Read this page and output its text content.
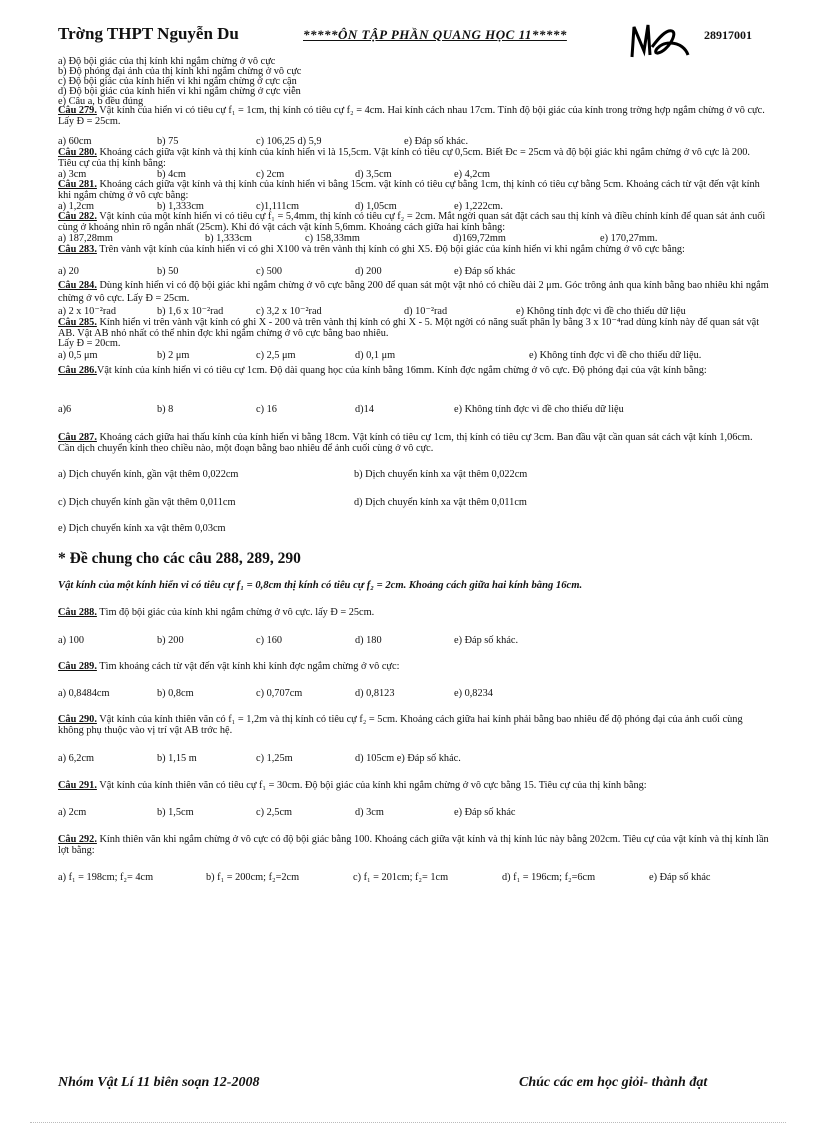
Trờng THPT Nguyễn Du	*****ÔN TẬP PHẦN QUANG HỌC 11*****	28917001
a) Độ bội giác của thị kính khi ngắm chừng ở vô cực
b) Độ phóng đại ảnh của thị kính khi ngắm chừng ở vô cực
c) Độ bội giác của kính hiển vi khi ngắm chừng ở cực cận
d) Độ bội giác của kính hiển vi khi ngắm chừng ở cực viễn
e) Câu a, b đều đúng
Câu 279. Vật kính của hiển vi có tiêu cự f₁ = 1cm, thị kính có tiêu cự f₂ = 4cm. Hai kính cách nhau 17cm. Tính độ bội giác của kính trong trờng hợp ngắm chừng ở vô cực. Lấy Đ = 25cm.
a) 60cm	b) 75	c) 106,25 d) 5,9	e) Đáp số khác.
Câu 280. Khoảng cách giữa vật kính và thị kính của kính hiển vi là 15,5cm. Vật kính có tiêu cự 0,5cm. Biết Đc = 25cm và độ bội giác khi ngắm chừng ở vô cực là 200. Tiêu cự của thị kính bằng:
a) 3cm	b) 4cm	c) 2cm	d) 3,5cm	e) 4,2cm
Câu 281. Khoảng cách giữa vật kính và thị kính của kính hiển vi bằng 15cm. vật kính có tiêu cự bằng 1cm, thị kính có tiêu cự bằng 5cm. Khoảng cách từ vật đến vật kính khi ngắm chừng ở vô cực bằng:
a) 1,2cm	b) 1,333cm	c)1,111cm	d) 1,05cm	e) 1,222cm.
Câu 282. Vật kính của một kính hiển vi có tiêu cự f₁ = 5,4mm, thị kính có tiêu cự f₂ = 2cm. Mắt ngời quan sát đặt cách sau thị kính và điều chỉnh kính để quan sát ảnh cuối cùng ở khoảng nhìn rõ ngắn nhất (25cm). Khi đó vật cách vật kính 5,6mm. Khoảng cách giữa hai kính bằng:
a) 187,28mm	b) 1,333cm	c) 158,33mm	d)169,72mm	e) 170,27mm.
Câu 283. Trên vành vật kính của kính hiển vi có ghi X100 và trên vành thị kính có ghi X5. Độ bội giác của kính hiển vi khi ngắm chừng ở vô cực bằng:
a) 20	b) 50	c) 500	d) 200	e) Đáp số khác
Câu 284. Dùng kính hiển vi có độ bội giác khi ngắm chừng ở vô cực bằng 200 để quan sát một vật nhỏ có chiều dài 2 μm. Góc trông ảnh qua kính bằng bao nhiêu khi ngắm chừng ở vô cực. Lấy Đ = 25cm.
a) 2 x 10⁻²rad	b) 1,6 x 10⁻²rad	c) 3,2 x 10⁻²rad	d) 10⁻²rad	e) Không tính đợc vì đề cho thiếu dữ liệu
Câu 285. Kính hiển vi trên vành vật kính có ghi X - 200 và trên vành thị kính có ghi X - 5. Một ngời có năng suất phân ly bằng 3 x 10⁻⁴rad dùng kính này để quan sát vật AB. Vật AB nhỏ nhất có thể nhìn đợc khi ngắm chừng ở vô cực bằng bao nhiêu.
Lấy Đ = 20cm.
a) 0,5 μm	b) 2 μm	c) 2,5 μm	d) 0,1 μm	e) Không tính đợc vì đề cho thiếu dữ liệu.
Câu 286.Vật kính của kính hiển vi có tiêu cự 1cm. Độ dài quang học của kính bằng 16mm. Kính đợc ngắm chừng ở vô cực. Độ phóng đại của vật kính bằng:
a)6	b) 8	c) 16	d)14	e) Không tính đợc vì đề cho thiếu dữ liệu
Câu 287. Khoảng cách giữa hai thấu kính của kính hiển vi bằng 18cm. Vật kính có tiêu cự 1cm, thị kính có tiêu cự 3cm. Ban đầu vật cần quan sát cách vật kính 1,06cm. Cần dịch chuyển kính theo chiều nào, một đoạn bằng bao nhiêu để ảnh cuối cùng ở vô cực.
a) Dịch chuyển kính, gần vật thêm 0,022cm	b) Dịch chuyển kính xa vật thêm 0,022cm
c) Dịch chuyển kính gần vật thêm 0,011cm	d) Dịch chuyển kính xa vật thêm 0,011cm
e) Dịch chuyển kính xa vật thêm 0,03cm
* Đề chung cho các câu 288, 289, 290
Vật kính của một kính hiển vi có tiêu cự f₁ = 0,8cm thị kính có tiêu cự f₂ = 2cm. Khoảng cách giữa hai kính bằng 16cm.
Câu 288. Tìm độ bội giác của kính khi ngắm chừng ở vô cực. lấy Đ = 25cm.
a) 100	b) 200	c) 160	d) 180	e) Đáp số khác.
Câu 289. Tìm khoảng cách từ vật đến vật kính khi kính đợc ngắm chừng ở vô cực:
a) 0,8484cm	b) 0,8cm	c) 0,707cm	d) 0,8123	e) 0,8234
Câu 290. Vật kính của kính thiên văn có f₁ = 1,2m và thị kính có tiêu cự f₂ = 5cm. Khoảng cách giữa hai kính phải bằng bao nhiêu để độ phóng đại của ảnh cuối cùng không phụ thuộc vào vị trí vật AB trớc hệ.
a) 6,2cm	b) 1,15 m	c) 1,25m	d) 105cm e) Đáp số khác.
Câu 291. Vật kính của kính thiên văn có tiêu cự f₁ = 30cm. Độ bội giác của kính khi ngắm chừng ở vô cực bằng 15. Tiêu cự của thị kính bằng:
a) 2cm	b) 1,5cm	c) 2,5cm	d) 3cm	e) Đáp số khác
Câu 292. Kính thiên văn khi ngắm chừng ở vô cực có độ bội giác bằng 100. Khoảng cách giữa vật kính và thị kính lúc này bằng 202cm. Tiêu cự của vật kính và thị kính lần lợt bằng:
a) f₁ = 198cm; f₂= 4cm	b) f₁ = 200cm; f₂=2cm	c) f₁ = 201cm; f₂= 1cm	d) f₁ = 196cm; f₂=6cm	e) Đáp số khác
Nhóm Vật Lí 11 biên soạn 12-2008	Chúc các em học giỏi- thành đạt
